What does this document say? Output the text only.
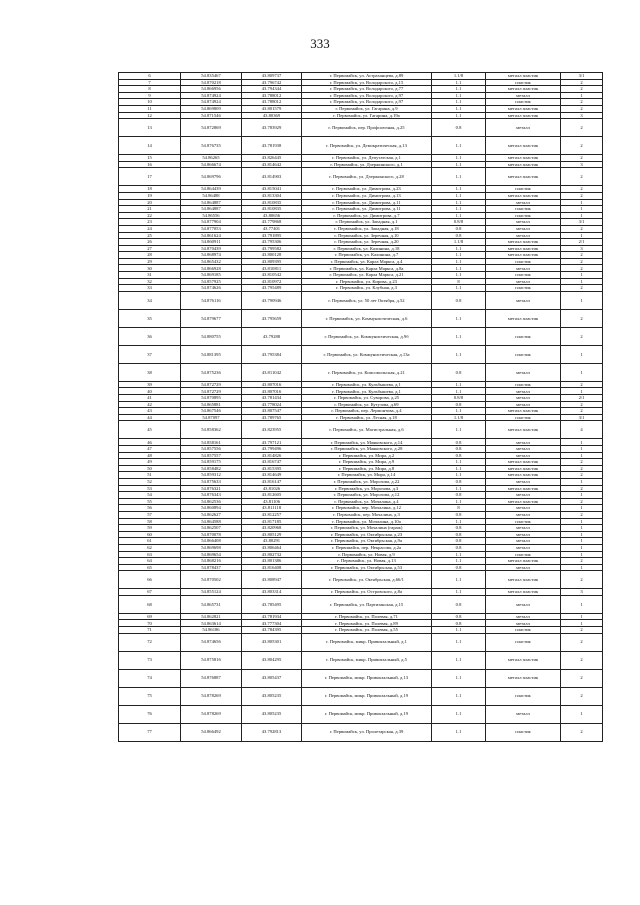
333
6	54.835467	43.809737	г. Первомайск, ул. Астраханцева, д.89	1.1/8	металл пластик	3/1
7	54.870218	43.796742	г. Первомайск, ул. Володарского, д.15	1.1	пластик	2
8	54.866956	43.794344	г. Первомайск, ул. Володарского, д.77	1.1	металл пластик	2
9	54.874924	43.788012	г. Первомайск, ул. Володарского, д.97	1.1	металл	1
10	54.874924	43.788012	г. Первомайск, ул. Володарского, д.97	1.1	пластик	2
11	54.869809	43.801579	г. Первомайск, ул. Гагарина, д.9	1.1	металл пластик	2
12	54.871546	43.80369	г. Первомайск, ул. Гагарина, д.19а	1.1	металл пластик	3
13	54.872869	43.783929	г. Первомайск, пер. Профсоюзная, д.25	0.8	металл	2
14	54.876735	43.781938	г. Первомайск, ул. Демократическая, д.13	1.1	металл пластик	2
15	54.86265	43.826445	г. Первомайск, ул. Депутатская, д.1	1.1	металл пластик	2
16	54.866674	43.814642	г. Первомайск, ул. Дзержинского, д.1	1.1	металл пластик	3
17	54.869796	43.814903	г. Первомайск, ул. Дзержинского, д.28	1.1	металл пластик	2
18	54.864439	43.815041	г. Первомайск, ул. Димитрова, д.23	1.1	пластик	2
19	54.86488	43.813304	г. Первомайск, ул. Димитрова, д.13	1.1	металл пластик	2
20	54.864887	43.810835	г. Первомайск, ул. Димитрова, д.11	1.1	металл	1
21	54.864887	43.810835	г. Первомайск, ул. Димитрова, д.11	1.1	пластик	1
22	54.86556	43.80656	г. Первомайск, ул. Димитрова, д.7	1.1	пластик	1
23	54.877904	43.779868	г. Первомайск, ул. Западная, д.1	0.8/8	металл	3/1
24	54.877053	43.77401	г. Первомайск, ул. Западная, д.18	0.8	металл	2
25	54.861624	43.791895	г. Первомайск, ул. Зеречная, д.10	0.8	металл	1
26	54.860911	43.795306	г. Первомайск, ул. Зеречная, д.20	1.1/8	металл пластик	2/1
27	54.870439	43.799582	г. Первомайск, ул. Калинина, д.18	1.1	металл пластик	3
28	54.868974	43.800128	г. Первомайск, ул. Калинина, д.7	1.1	металл пластик	2
29	54.865432	43.809395	г. Первомайск, ул. Карла Маркса, д.4	1.1	пластик	2
30	54.866928	43.810811	г. Первомайск, ул. Карла Маркса, д.8а	1.1	металл	2
31	54.869185	43.810542	г. Первомайск, ул. Карла Маркса, д.21	1.1	пластик	1
32	54.857925	43.810972	г. Первомайск, ул. Кирова, д.23	8	металл	1
33	54.874626	43.795489	г. Первомайск, ул. Клубная, д.3	1.1	пластик	2
34	54.876116	43.790946	г. Первомайск, ул. 50 лет Октября, д.52	0.8	металл	1
35	54.879677	43.795659	г. Первомайск, ул. Коммунистическая, д.6	1.1	металл пластик	2
36	54.880755	43.79288	г. Первомайск, ул. Коммунистическая, д.9б	1.1	пластик	2
37	54.881395	43.795384	г. Первомайск, ул. Коммунистическая, д.13а	1.1	пластик	1
38	54.875236	43.811042	г. Первомайск, ул. Комсомольская, д.21	0.8	металл	1
39	54.872729	43.807016	г. Первомайск, ул. Кульбышева, д.1	1.1	пластик	2
40	54.872729	43.807016	г. Первомайск, ул. Кульбышева, д.1	1.1	металл	1
41	54.870895	43.781434	г. Первомайск, ул. Суворова, д.25	0.8/8	металл	2/1
42	54.865881	43.778024	г. Первомайск, ул. Кутузова, д.69	0.8	металл	2
43	54.867546	43.807547	г. Первомайск, пер. Лермонтова, д.4	1.1	металл пластик	2
44	54.87097	43.789765	г. Первомайск, ул. Лесная, д.18	1.1/8	пластик	3/1
45	54.858362	43.823955	г. Первомайск, ул. Магистральная, д.6	1.1	металл пластик	4
46	54.858161	43.797121	г. Первомайск, ул. Маяковского, д.14	0.8	металл	1
47	54.857556	43.799496	г. Первомайск, ул. Маяковского, д.28	0.8	металл	1
48	54.857557	43.814826	г. Первомайск, ул. Мира, д.2	0.8	металл	1
49	54.859175	43.816747	г. Первомайск, ул. Мира, д.9	1.1	металл пластик	2
50	54.858482	43.815395	г. Первомайск, ул. Мира, д.8	1.1	металл пластик	2
51	54.859312	43.814649	г. Первомайск, ул. Мира, д.14	1.1	металл пластик	2
52	54.875633	43.816147	г. Первомайск, ул. Морозова, д.22	0.8	металл	1
53	54.876321	43.81026	г. Первомайск, ул. Морозова, д.3	1.1	металл пластик	2
54	54.876343	43.812605	г. Первомайск, ул. Морозова, д.12	0.8	металл	1
55	54.862536	43.81106	г. Первомайск, ул. Мочалина, д.4	1.1	металл пластик	2
56	54.860894	43.811118	г. Первомайск, пер. Мочалина, д.12	8	металл	1
57	54.862627	43.812257	г. Первомайск, пер. Мочалина, д.3	0.8	металл	2
58	54.864588	43.817185	г. Первомайск, ул. Мочалина, д.10а	1.1	пластик	1
59	54.862507	43.820968	г. Первомайск, ул. Мочалина (гараж)	0.8	металл	1
60	54.870078	43.805129	г. Первомайск, ул. Октябрьская, д.23	0.8	металл	1
61	54.866408	43.80291	г. Первомайск, ул. Октябрьская, д.9а	0.8	металл	1
62	54.869698	43.806464	г. Первомайск, пер. Некрасова, д.2а	0.8	металл	1
63	54.869654	43.802732	г. Первомайск, ул. Новая, д.9	1.1	пластик	1
64	54.868216	43.801386	г. Первомайск, ул. Новая, д.13	1.1	металл пластик	2
65	54.878437	43.816408	г. Первомайск, ул. Октябрьская, д.53	0.8	металл	1
66	54.870502	43.808947	г. Первомайск, ул. Октябрьская, д.66/1	1.1	металл пластик	2
67	54.855124	43.803314	г. Первомайск, ул. Островского, д.8а	1.1	металл пластик	3
68	54.865731	43.785495	г. Первомайск, ул. Партизанская, д.15	0.8	металл	1
69	54.862821	43.781934	г. Первомайск, ул. Полевая, д.71	0.8	металл	1
70	54.863614	43.777304	г. Первомайск, ул. Полевая, д.89	0.8	металл	1
71	54.86186	43.784395	г. Первомайск, ул. Полевая, д.55	1.1	пластик	2
72	54.874656	43.805301	г. Первомайск, микр. Привокзальный, д.1	1.1	пластик	2
73	54.875816	43.804295	г. Первомайск, микр. Привокзальный, д.5	1.1	металл пластик	2
74	54.876887	43.805437	г. Первомайск, микр. Привокзальный, д.13	1.1	металл пластик	2
75	54.878269	43.805235	г. Первомайск, микр. Привокзальный, д.19	1.1	пластик	2
76	54.878269	43.805235	г. Первомайск, микр. Привокзальный, д.19	1.1	металл	1
77	54.866492	43.792813	г. Первомайск, ул. Пролетарская, д.39	1.1	пластик	2
